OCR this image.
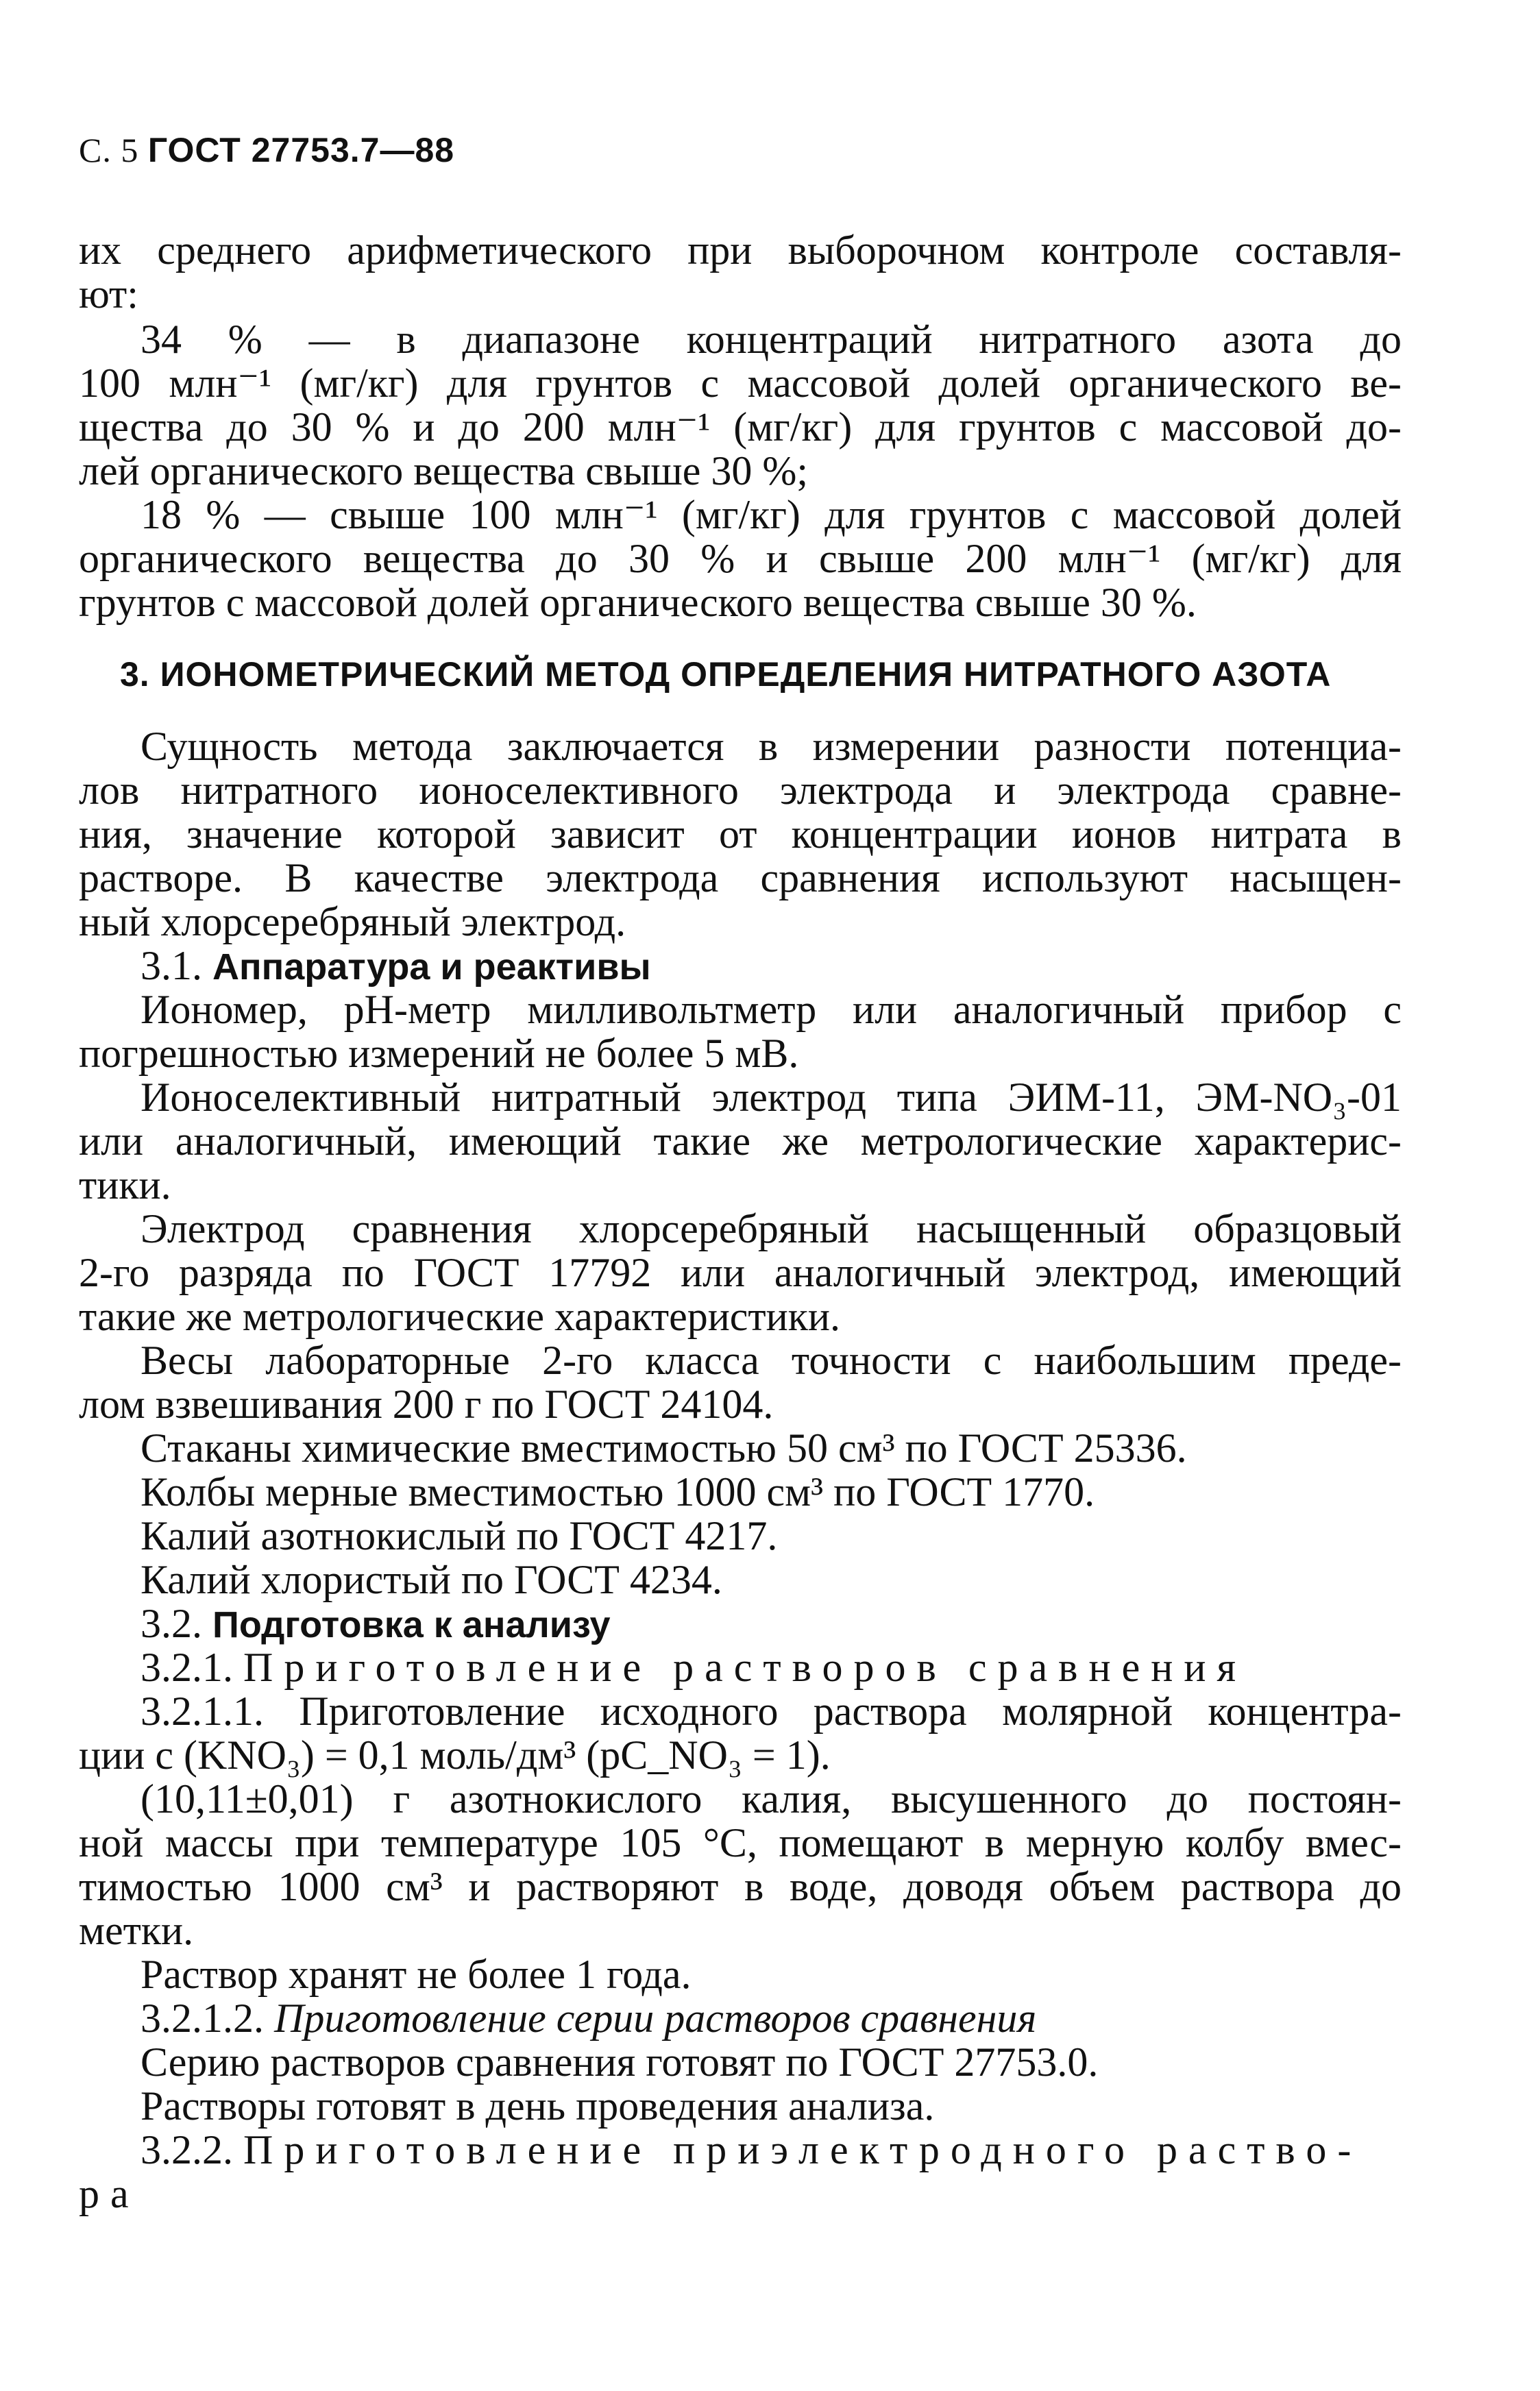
С. 5 ГОСТ 27753.7—88
их среднего арифметического при выборочном контроле составля-
ют:
34 % — в диапазоне концентраций нитратного азота до
100 млн⁻¹ (мг/кг) для грунтов с массовой долей органического ве-
щества до 30 % и до 200 млн⁻¹ (мг/кг) для грунтов с массовой до-
лей органического вещества свыше 30 %;
18 % — свыше 100 млн⁻¹ (мг/кг) для грунтов с массовой долей
органического вещества до 30 % и свыше 200 млн⁻¹ (мг/кг) для
грунтов с массовой долей органического вещества свыше 30 %.
3. ИОНОМЕТРИЧЕСКИЙ МЕТОД ОПРЕДЕЛЕНИЯ НИТРАТНОГО АЗОТА
Сущность метода заключается в измерении разности потенциа-
лов нитратного ионоселективного электрода и электрода сравне-
ния, значение которой зависит от концентрации ионов нитрата в
растворе. В качестве электрода сравнения используют насыщен-
ный хлорсеребряный электрод.
3.1. Аппаратура и реактивы
Иономер, pH-метр милливольтметр или аналогичный прибор с
погрешностью измерений не более 5 мВ.
Ионоселективный нитратный электрод типа ЭИМ-11, ЭМ-NO₃-01
или аналогичный, имеющий такие же метрологические характерис-
тики.
Электрод сравнения хлорсеребряный насыщенный образцовый
2-го разряда по ГОСТ 17792 или аналогичный электрод, имеющий
такие же метрологические характеристики.
Весы лабораторные 2-го класса точности с наибольшим преде-
лом взвешивания 200 г по ГОСТ 24104.
Стаканы химические вместимостью 50 см³ по ГОСТ 25336.
Колбы мерные вместимостью 1000 см³ по ГОСТ 1770.
Калий азотнокислый по ГОСТ 4217.
Калий хлористый по ГОСТ 4234.
3.2. Подготовка к анализу
3.2.1. Приготовление растворов сравнения
3.2.1.1. Приготовление исходного раствора молярной концентра-
ции c (KNO₃) = 0,1 моль/дм³ (pC_NO₃ = 1).
(10,11±0,01) г азотнокислого калия, высушенного до постоян-
ной массы при температуре 105 °С, помещают в мерную колбу вмес-
тимостью 1000 см³ и растворяют в воде, доводя объем раствора до
метки.
Раствор хранят не более 1 года.
3.2.1.2. Приготовление серии растворов сравнения
Серию растворов сравнения готовят по ГОСТ 27753.0.
Растворы готовят в день проведения анализа.
3.2.2. Приготовление приэлектродного раство-
ра
